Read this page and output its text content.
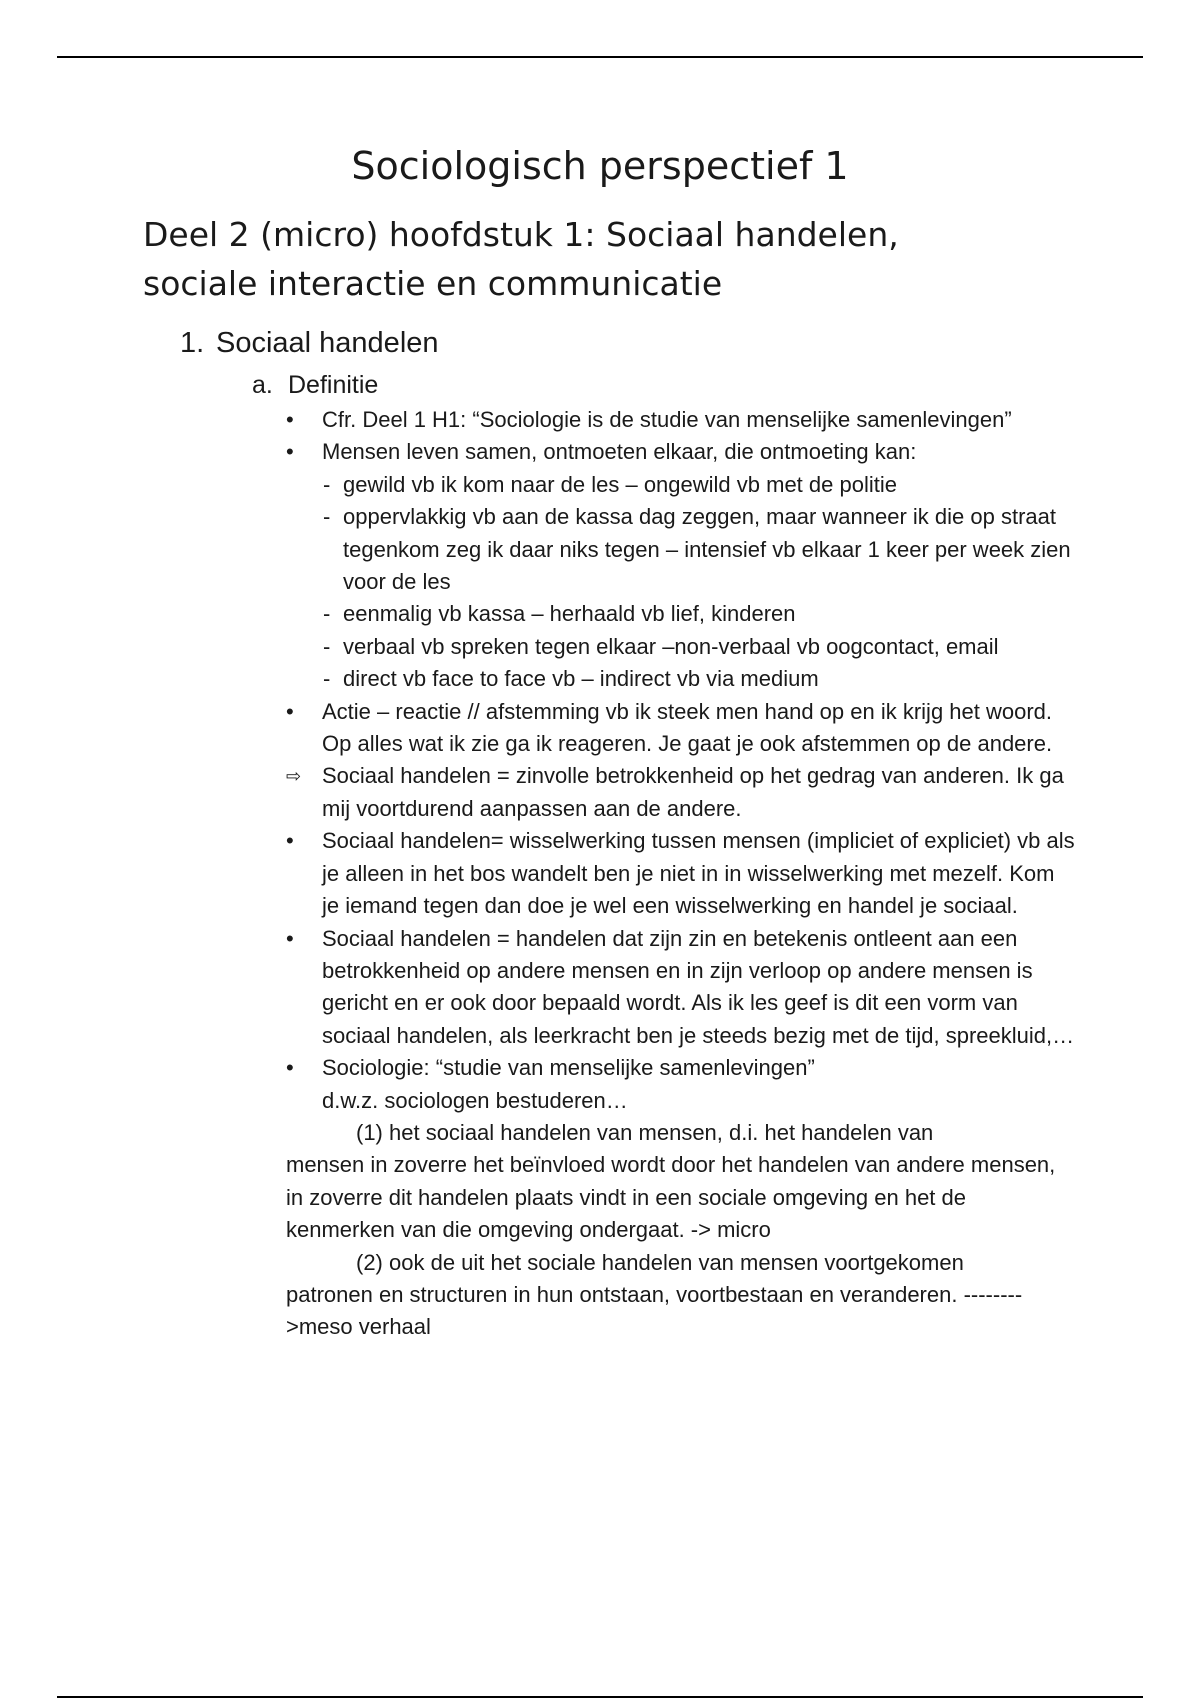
Sociologisch perspectief 1
Deel 2 (micro) hoofdstuk 1: Sociaal handelen,
sociale interactie en communicatie
1. Sociaal handelen
a. Definitie
•	Cfr. Deel 1 H1: “Sociologie is de studie van menselijke samenlevingen”
•	Mensen leven samen, ontmoeten elkaar, die ontmoeting kan:
- gewild vb ik kom naar de les – ongewild vb met de politie
- oppervlakkig vb aan de kassa dag zeggen, maar wanneer ik die op straat tegenkom zeg ik daar niks tegen – intensief vb elkaar 1 keer per week zien voor de les
- eenmalig vb kassa – herhaald vb lief, kinderen
- verbaal vb spreken tegen elkaar –non-verbaal vb oogcontact, email
- direct vb face to face vb – indirect vb via medium
•	Actie – reactie // afstemming vb ik steek men hand op en ik krijg het woord. Op alles wat ik zie ga ik reageren. Je gaat je ook afstemmen op de andere.
⇨ Sociaal handelen = zinvolle betrokkenheid op het gedrag van anderen. Ik ga mij voortdurend aanpassen aan de andere.
•	Sociaal handelen= wisselwerking tussen mensen (impliciet of expliciet) vb als je alleen in het bos wandelt ben je niet in in wisselwerking met mezelf. Kom je iemand tegen dan doe je wel een wisselwerking en handel je sociaal.
•	Sociaal handelen = handelen dat zijn zin en betekenis ontleent aan een betrokkenheid op andere mensen en in zijn verloop op andere mensen is gericht en er ook door bepaald wordt. Als ik les geef is dit een vorm van sociaal handelen, als leerkracht ben je steeds bezig met de tijd, spreekluid,…
•	Sociologie: “studie van menselijke samenlevingen”
d.w.z. sociologen bestuderen…
(1) het sociaal handelen van mensen, d.i. het handelen van
mensen in zoverre het beïnvloed wordt door het handelen van andere mensen, in zoverre dit handelen plaats vindt in een sociale omgeving en het de kenmerken van die omgeving ondergaat. -> micro
(2) ook de uit het sociale handelen van mensen voortgekomen
patronen en structuren in hun ontstaan, voortbestaan en veranderen. -------->meso verhaal
